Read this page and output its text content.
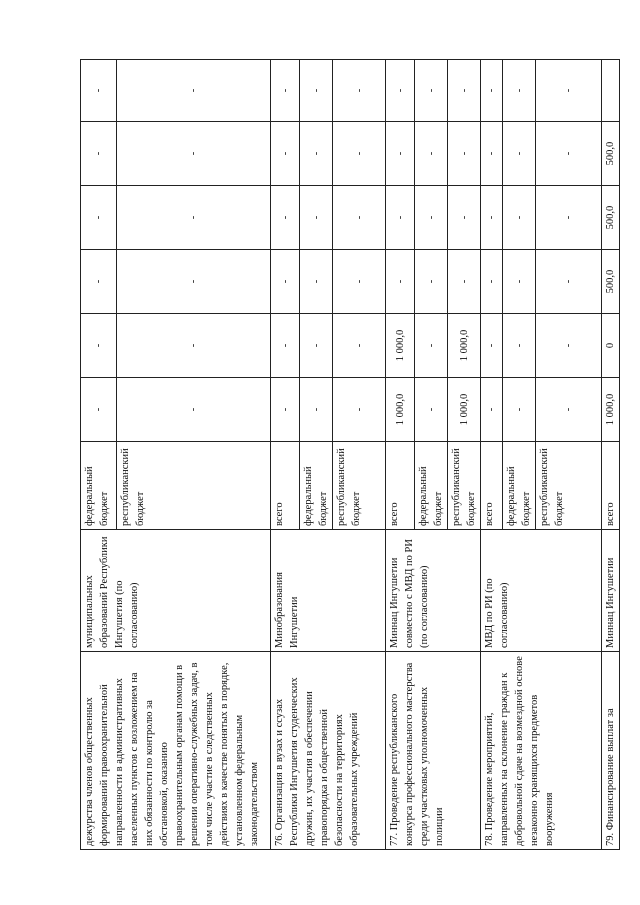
дежурства членов общественных формирований правоохранительной направленности в административных населенных пунктов с возложением на них обязанности по контролю за обстановкой, оказанию правоохранительным органам помощи в решении оперативно-служебных задач, в том числе участие в следственных действиях в качестве понятых в порядке, установленном федеральным законодательством	муниципальных образований Республики Ингушетия (по согласованию)	федеральный бюджет	-	-	-	-	-	-
		республиканский бюджет	-	-	-	-	-	-
76. Организация в вузах и ссузах Республики Ингушетия студенческих дружин, их участия в обеспечении правопорядка и общественной безопасности на территориях образовательных учреждений	Минобразования Ингушетии	всего	-	-	-	-	-	-
		федеральный бюджет	-	-	-	-	-	-
		республиканский бюджет	-	-	-	-	-	-
77. Проведение республиканского конкурса профессионального мастерства среди участковых уполномоченных полиции	Миннац Ингушетии совместно с МВД по РИ (по согласованию)	всего	1 000,0	1 000,0	-	-	-	-
		федеральный бюджет	-	-	-	-	-	-
		республиканский бюджет	1 000,0	1 000,0	-	-	-	-
78. Проведение мероприятий, направленных на склонение граждан к добровольной сдаче на возмездной основе незаконно хранящихся предметов вооружения	МВД по РИ (по согласованию)	всего	-	-	-	-	-	-
		федеральный бюджет	-	-	-	-	-	-
		республиканский бюджет	-	-	-	-	-	-
79. Финансирование выплат за	Миннац Ингушетии	всего	1 000,0	0	500,0	500,0	500,0	
